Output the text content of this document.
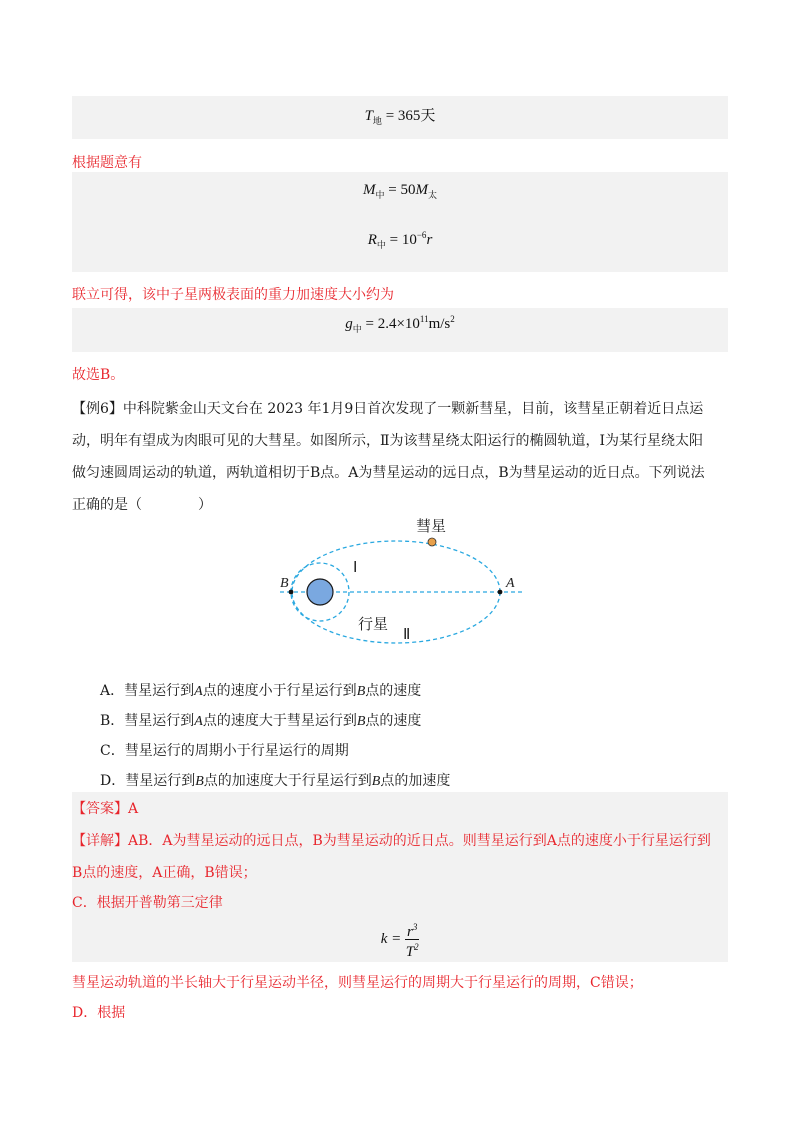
$T_地 = 365$天
根据题意有
$M_中 = 50M_太$
$R_中 = 10^{-6}r$
联立可得，该中子星两极表面的重力加速度大小约为
$g_中 = 2.4\times 10^{11}m/s^2$
故选B。
【例6】中科院紫金山天文台在 2023 年1月9日首次发现了一颗新彗星，目前，该彗星正朝着近日点运
动，明年有望成为肉眼可见的大彗星。如图所示，Ⅱ为该彗星绕太阳运行的椭圆轨道，Ⅰ为某行星绕太阳
做匀速圆周运动的轨道，两轨道相切于B点。A为彗星运动的远日点，B为彗星运动的近日点。下列说法
正确的是（　　　　）
彗星
Ⅰ
Ⅱ
行星
A
B
A．彗星运行到A点的速度小于行星运行到B点的速度
B．彗星运行到A点的速度大于彗星运行到B点的速度
C．彗星运行的周期小于行星运行的周期
D．彗星运行到B点的加速度大于行星运行到B点的加速度
【答案】A
【详解】AB．A为彗星运动的远日点，B为彗星运动的近日点。则彗星运行到A点的速度小于行星运行到
B点的速度，A正确，B错误；
C．根据开普勒第三定律
$k = \frac{r^3}{T^2}$
彗星运动轨道的半长轴大于行星运动半径，则彗星运行的周期大于行星运行的周期，C错误；
D．根据
